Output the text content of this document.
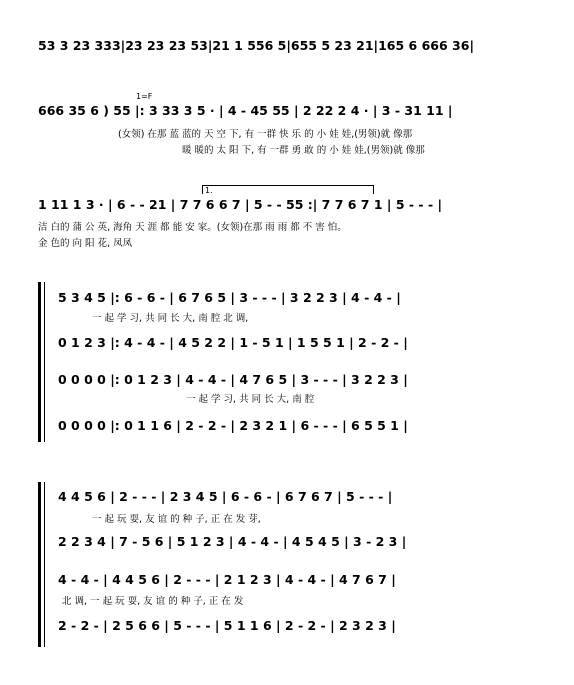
53 3 23 333|23 23 23 53|21 1 556 5|655 5 23 21|165 6 666 36|
1=F
666 35 6 ) 55 |: 3 33 3 5 · | 4 - 45 55 | 2 22 2 4 · | 3 - 31 11 |
(女领) 在那 蓝 蓝的 天 空 下, 有 一群 快 乐 的 小 娃 娃,(男领)就 像那
暖 暖的 太 阳 下, 有 一群 勇 敢 的 小 娃 娃,(男领)就 像那
1.
1 11 1 3 · | 6 - - 21 | 7 7 6 6 7 | 5 - - 55 :| 7 7 6 7 1 | 5 - - - |
洁 白的 蒲 公 英, 海角 天 涯 都 能 安 家。(女领)在那 雨 雨 都 不 害 怕。
金 色的 向 阳 花, 凤凤
5 3 4 5 |: 6 - 6 - | 6 7 6 5 | 3 - - - | 3 2 2 3 | 4 - 4 - |
一 起 学 习, 共 同 长 大, 南 腔 北 调,
0 1 2 3 |: 4 - 4 - | 4 5 2 2 | 1 - 5 1 | 1 5 5 1 | 2 - 2 - |
0 0 0 0 |: 0 1 2 3 | 4 - 4 - | 4 7 6 5 | 3 - - - | 3 2 2 3 |
一 起 学 习, 共 同 长 大, 南 腔
0 0 0 0 |: 0 1 1 6 | 2 - 2 - | 2 3 2 1 | 6 - - - | 6 5 5 1 |
4 4 5 6 | 2 - - - | 2 3 4 5 | 6 - 6 - | 6 7 6 7 | 5 - - - |
一 起 玩 耍, 友 谊 的 种 子, 正 在 发 芽,
2 2 3 4 | 7 - 5 6 | 5 1 2 3 | 4 - 4 - | 4 5 4 5 | 3 - 2 3 |
4 - 4 - | 4 4 5 6 | 2 - - - | 2 1 2 3 | 4 - 4 - | 4 7 6 7 |
北 调, 一 起 玩 耍, 友 谊 的 种 子, 正 在 发
2 - 2 - | 2 5 6 6 | 5 - - - | 5 1 1 6 | 2 - 2 - | 2 3 2 3 |
